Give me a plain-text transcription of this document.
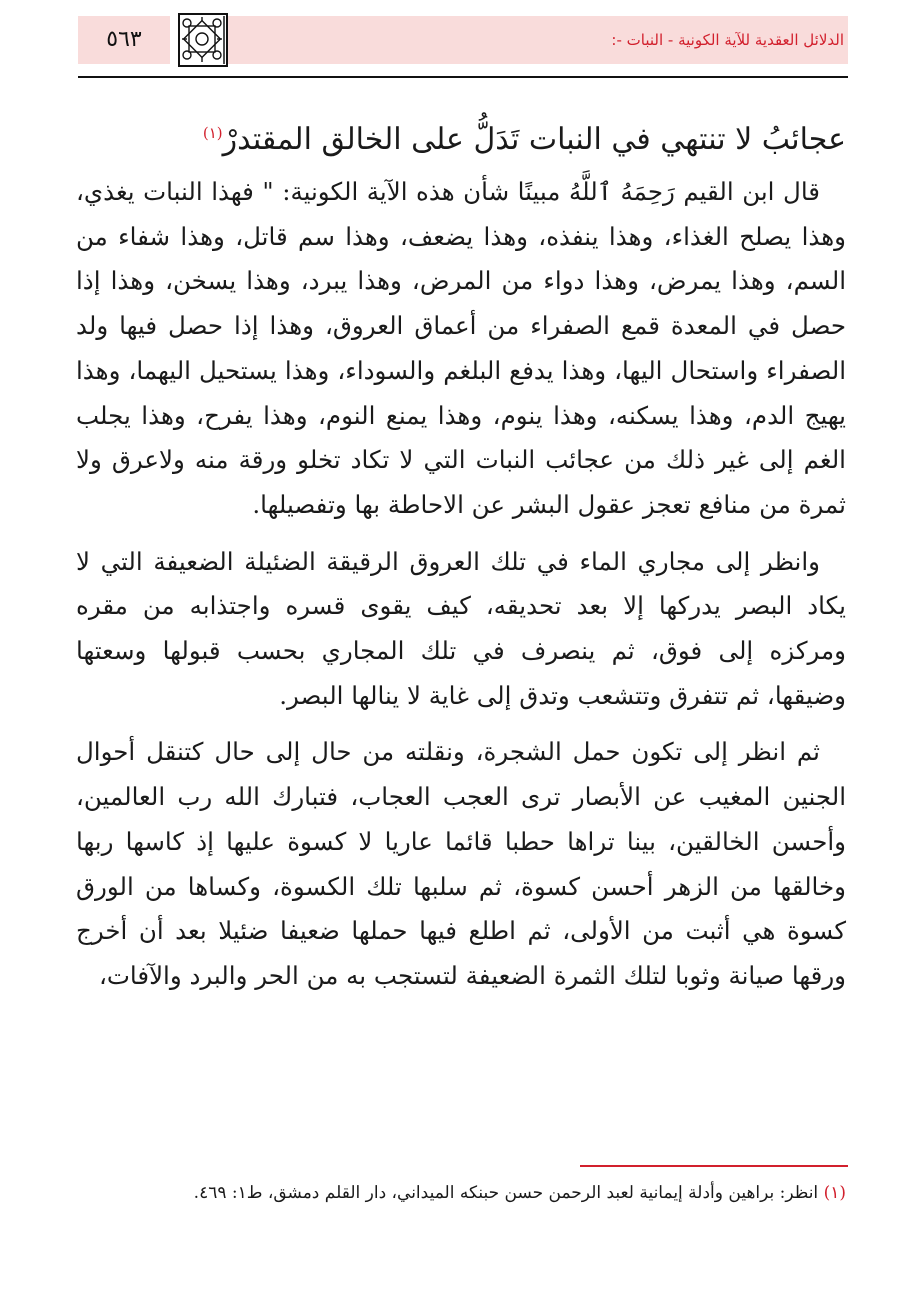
٥٦٣	الدلائل العقدية للآية الكونية - النبات -:
عجائبُ لا تنتهي في النبات تَدَلُّ على الخالق المقتدرْ$^{(١)}$

قال ابن القيم رَحِمَهُ ٱللَّهُ مبينًا شأن هذه الآية الكونية: " فهذا النبات يغذي، وهذا يصلح الغذاء، وهذا ينفذه، وهذا يضعف، وهذا سم قاتل، وهذا شفاء من السم، وهذا يمرض، وهذا دواء من المرض، وهذا يبرد، وهذا يسخن، وهذا إذا حصل في المعدة قمع الصفراء من أعماق العروق، وهذا إذا حصل فيها ولد الصفراء واستحال اليها، وهذا يدفع البلغم والسوداء، وهذا يستحيل اليهما، وهذا يهيج الدم، وهذا يسكنه، وهذا ينوم، وهذا يمنع النوم، وهذا يفرح، وهذا يجلب الغم إلى غير ذلك من عجائب النبات التي لا تكاد تخلو ورقة منه ولاعرق ولا ثمرة من منافع تعجز عقول البشر عن الاحاطة بها وتفصيلها.

وانظر إلى مجاري الماء في تلك العروق الرقيقة الضئيلة الضعيفة التي لا يكاد البصر يدركها إلا بعد تحديقه، كيف يقوى قسره واجتذابه من مقره ومركزه إلى فوق، ثم ينصرف في تلك المجاري بحسب قبولها وسعتها وضيقها، ثم تتفرق وتتشعب وتدق إلى غاية لا ينالها البصر.

ثم انظر إلى تكون حمل الشجرة، ونقلته من حال إلى حال كتنقل أحوال الجنين المغيب عن الأبصار ترى العجب العجاب، فتبارك الله رب العالمين، وأحسن الخالقين، بينا تراها حطبا قائما عاريا لا كسوة عليها إذ كاسها ربها وخالقها من الزهر أحسن كسوة، ثم سلبها تلك الكسوة، وكساها من الورق كسوة هي أثبت من الأولى، ثم اطلع فيها حملها ضعيفا ضئيلا بعد أن أخرج ورقها صيانة وثوبا لتلك الثمرة الضعيفة لتستجب به من الحر والبرد والآفات،

(١) انظر: براهين وأدلة إيمانية لعبد الرحمن حسن حبنكه الميداني، دار القلم دمشق، ط١: ٤٦٩.
